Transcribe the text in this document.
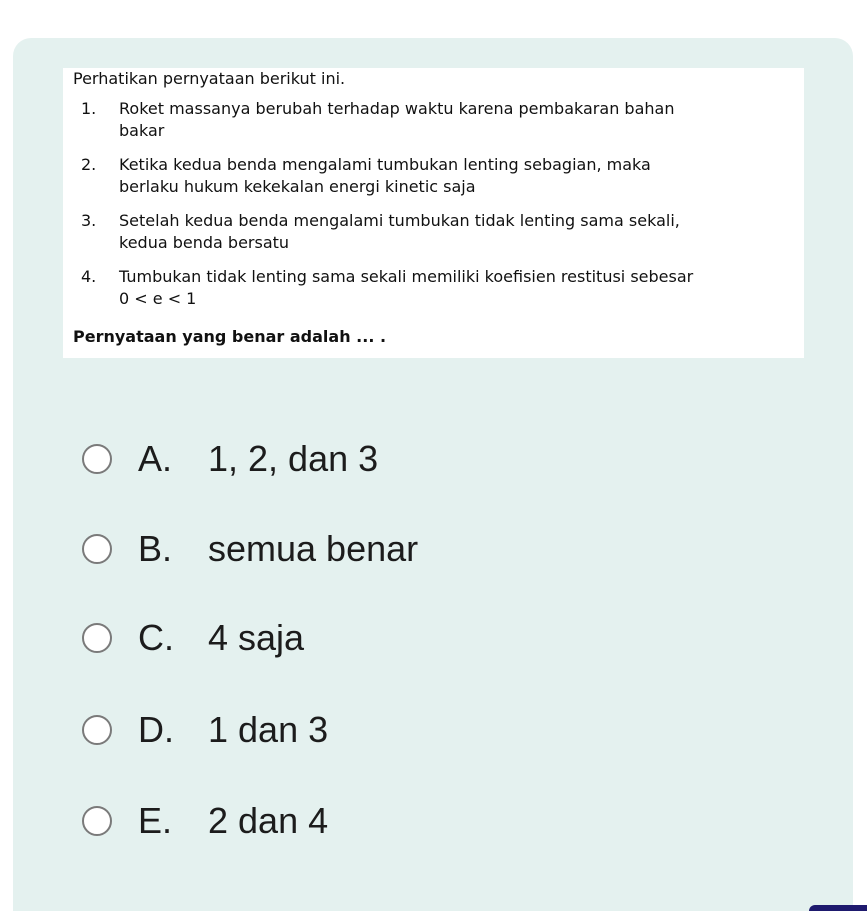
Perhatikan pernyataan berikut ini.
1. Roket massanya berubah terhadap waktu karena pembakaran bahan
bakar
2. Ketika kedua benda mengalami tumbukan lenting sebagian, maka
berlaku hukum kekekalan energi kinetic saja
3. Setelah kedua benda mengalami tumbukan tidak lenting sama sekali,
kedua benda bersatu
4. Tumbukan tidak lenting sama sekali memiliki koefisien restitusi sebesar
0 < e < 1
Pernyataan yang benar adalah ... .
A. 1, 2, dan 3
B. semua benar
C. 4 saja
D. 1 dan 3
E. 2 dan 4
